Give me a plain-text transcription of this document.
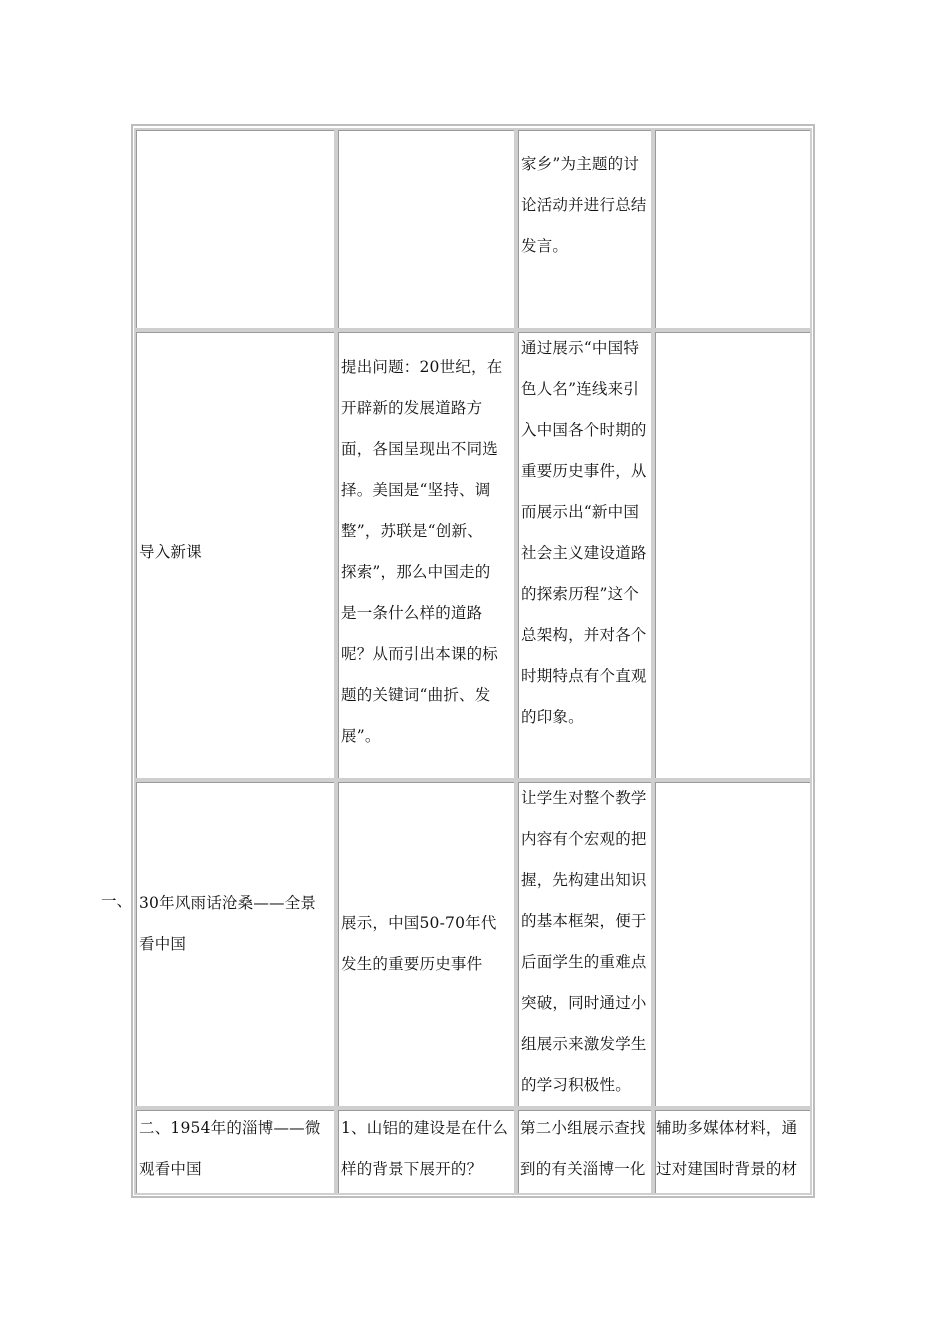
家乡”为主题的讨
论活动并进行总结
发言。
导入新课
提出问题：20世纪，在
开辟新的发展道路方
面，各国呈现出不同选
择。美国是“坚持、调
整”，苏联是“创新、
探索”，那么中国走的
是一条什么样的道路
呢？从而引出本课的标
题的关键词“曲折、发
展”。
通过展示“中国特
色人名”连线来引
入中国各个时期的
重要历史事件，从
而展示出“新中国
社会主义建设道路
的探索历程”这个
总架构，并对各个
时期特点有个直观
的印象。
一、 30年风雨话沧桑——全景
看中国
展示，中国50-70年代
发生的重要历史事件
让学生对整个教学
内容有个宏观的把
握，先构建出知识
的基本框架，便于
后面学生的重难点
突破，同时通过小
组展示来激发学生
的学习积极性。
二、1954年的淄博——微
观看中国
1、山铝的建设是在什么
样的背景下展开的？
第二小组展示查找
到的有关淄博一化
辅助多媒体材料，通
过对建国时背景的材
